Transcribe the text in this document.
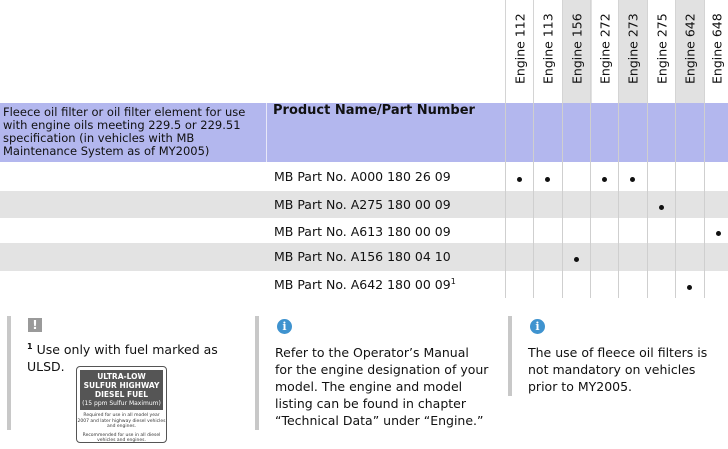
Engine 112 Engine 113 Engine 156 Engine 272 Engine 273 Engine 275 Engine 642 Engine 648
Fleece oil filter or oil filter element for use with engine oils meeting 229.5 or 229.51 specification (in vehicles with MB Maintenance System as of MY2005)
Product Name/Part Number
MB Part No. A000 180 26 09
MB Part No. A275 180 00 09
MB Part No. A613 180 00 09
MB Part No. A156 180 04 10
MB Part No. A642 180 00 $09^1$
!
$^1$ Use only with fuel marked as ULSD.
ULTRA-LOW SULFUR HIGHWAY DIESEL FUEL
(15 ppm Sulfur Maximum)
Required for use in all model year 2007 and later highway diesel vehicles and engines.
Recommended for use in all diesel vehicles and engines.
i
Refer to the Operator’s Manual for the engine designation of your model. The engine and model listing can be found in chapter “Technical Data” under “Engine.”
i
The use of fleece oil filters is not mandatory on vehicles prior to MY2005.
